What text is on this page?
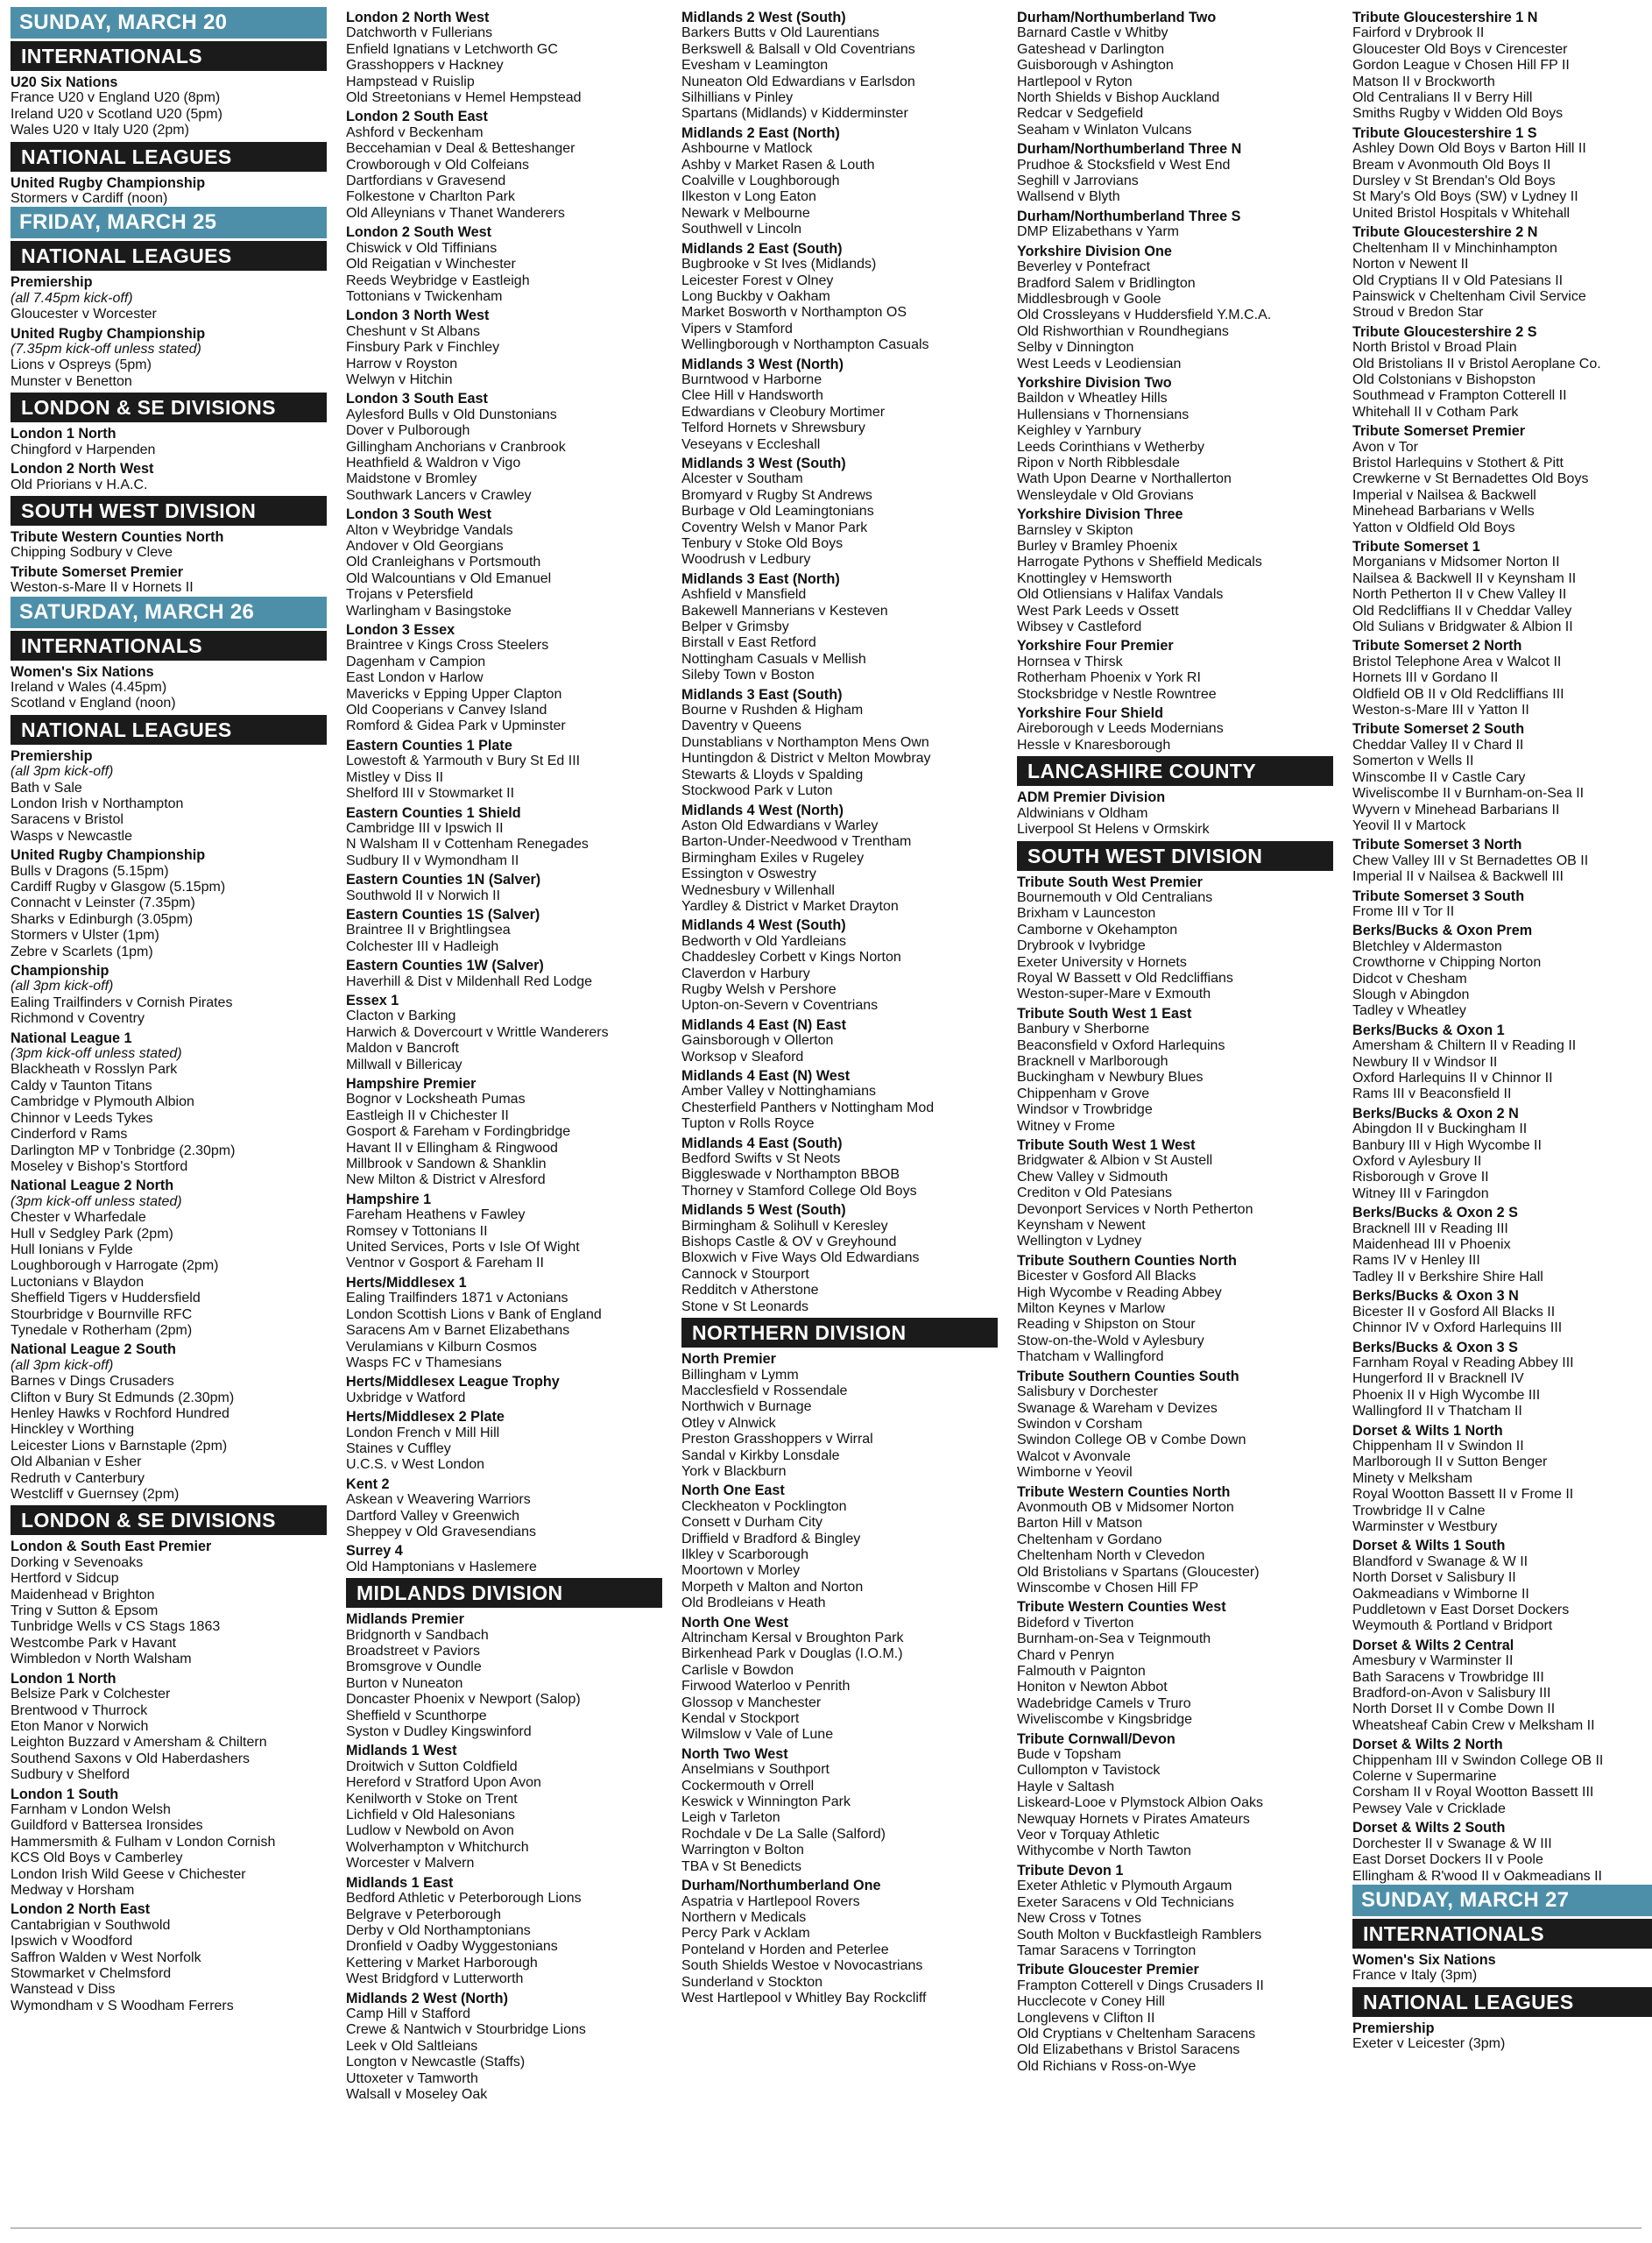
SUNDAY, MARCH 20
INTERNATIONALS
U20 Six Nations
France U20 v England U20 (8pm)
Ireland U20 v Scotland U20 (5pm)
Wales U20 v Italy U20 (2pm)
NATIONAL LEAGUES
United Rugby Championship
Stormers v Cardiff (noon)
FRIDAY, MARCH 25
NATIONAL LEAGUES
Premiership
(all 7.45pm kick-off)
Gloucester v Worcester
United Rugby Championship
(7.35pm kick-off unless stated)
Lions v Ospreys (5pm)
Munster v Benetton
LONDON & SE DIVISIONS
London 1 North
Chingford v Harpenden
London 2 North West
Old Priorians v H.A.C.
SOUTH WEST DIVISION
Tribute Western Counties North
Chipping Sodbury v Cleve
Tribute Somerset Premier
Weston-s-Mare II v Hornets II
SATURDAY, MARCH 26
INTERNATIONALS
Women's Six Nations
Ireland v Wales (4.45pm)
Scotland v England (noon)
NATIONAL LEAGUES
Premiership
(all 3pm kick-off)
Bath v Sale
London Irish v Northampton
Saracens v Bristol
Wasps v Newcastle
United Rugby Championship
Bulls v Dragons (5.15pm)
Cardiff Rugby v Glasgow (5.15pm)
Connacht v Leinster (7.35pm)
Sharks v Edinburgh (3.05pm)
Stormers v Ulster (1pm)
Zebre v Scarlets (1pm)
Championship
(all 3pm kick-off)
Ealing Trailfinders v Cornish Pirates
Richmond v Coventry
National League 1
(3pm kick-off unless stated)
Blackheath v Rosslyn Park
Caldy v Taunton Titans
Cambridge v Plymouth Albion
Chinnor v Leeds Tykes
Cinderford v Rams
Darlington MP v Tonbridge (2.30pm)
Moseley v Bishop's Stortford
National League 2 North
(3pm kick-off unless stated)
Chester v Wharfedale
Hull v Sedgley Park (2pm)
Hull Ionians v Fylde
Loughborough v Harrogate (2pm)
Luctonians v Blaydon
Sheffield Tigers v Huddersfield
Stourbridge v Bournville RFC
Tynedale v Rotherham (2pm)
National League 2 South
(all 3pm kick-off)
Barnes v Dings Crusaders
Clifton v Bury St Edmunds (2.30pm)
Henley Hawks v Rochford Hundred
Hinckley v Worthing
Leicester Lions v Barnstaple (2pm)
Old Albanian v Esher
Redruth v Canterbury
Westcliff v Guernsey (2pm)
LONDON & SE DIVISIONS
London & South East Premier
Dorking v Sevenoaks
Hertford v Sidcup
Maidenhead v Brighton
Tring v Sutton & Epsom
Tunbridge Wells v CS Stags 1863
Westcombe Park v Havant
Wimbledon v North Walsham
London 1 North
Belsize Park v Colchester
Brentwood v Thurrock
Eton Manor v Norwich
Leighton Buzzard v Amersham & Chiltern
Southend Saxons v Old Haberdashers
Sudbury v Shelford
London 1 South
Farnham v London Welsh
Guildford v Battersea Ironsides
Hammersmith & Fulham v London Cornish
KCS Old Boys v Camberley
London Irish Wild Geese v Chichester
Medway v Horsham
London 2 North East
Cantabrigian v Southwold
Ipswich v Woodford
Saffron Walden v West Norfolk
Stowmarket v Chelmsford
Wanstead v Diss
Wymondham v S Woodham Ferrers
London 2 North West
Datchworth v Fullerians
Enfield Ignatians v Letchworth GC
Grasshoppers v Hackney
Hampstead v Ruislip
Old Streetonians v Hemel Hempstead
London 2 South East
Ashford v Beckenham
Beccehamian v Deal & Betteshanger
Crowborough v Old Colfeians
Dartfordians v Gravesend
Folkestone v Charlton Park
Old Alleynians v Thanet Wanderers
London 2 South West
Chiswick v Old Tiffinians
Old Reigatian v Winchester
Reeds Weybridge v Eastleigh
Tottonians v Twickenham
London 3 North West
Cheshunt v St Albans
Finsbury Park v Finchley
Harrow v Royston
Welwyn v Hitchin
London 3 South East
Aylesford Bulls v Old Dunstonians
Dover v Pulborough
Gillingham Anchorians v Cranbrook
Heathfield & Waldron v Vigo
Maidstone v Bromley
Southwark Lancers v Crawley
London 3 South West
Alton v Weybridge Vandals
Andover v Old Georgians
Old Cranleighans v Portsmouth
Old Walcountians v Old Emanuel
Trojans v Petersfield
Warlingham v Basingstoke
London 3 Essex
Braintree v Kings Cross Steelers
Dagenham v Campion
East London v Harlow
Mavericks v Epping Upper Clapton
Old Cooperians v Canvey Island
Romford & Gidea Park v Upminster
Eastern Counties 1 Plate
Lowestoft & Yarmouth v Bury St Ed III
Mistley v Diss II
Shelford III v Stowmarket II
Eastern Counties 1 Shield
Cambridge III v Ipswich II
N Walsham II v Cottenham Renegades
Sudbury II v Wymondham II
Eastern Counties 1N (Salver)
Southwold II v Norwich II
Eastern Counties 1S (Salver)
Braintree II v Brightlingsea
Colchester III v Hadleigh
Eastern Counties 1W (Salver)
Haverhill & Dist v Mildenhall Red Lodge
Essex 1
Clacton v Barking
Harwich & Dovercourt v Writtle Wanderers
Maldon v Bancroft
Millwall v Billericay
Hampshire Premier
Bognor v Locksheath Pumas
Eastleigh II v Chichester II
Gosport & Fareham v Fordingbridge
Havant II v Ellingham & Ringwood
Millbrook v Sandown & Shanklin
New Milton & District v Alresford
Hampshire 1
Fareham Heathens v Fawley
Romsey v Tottonians II
United Services, Ports v Isle Of Wight
Ventnor v Gosport & Fareham II
Herts/Middlesex 1
Ealing Trailfinders 1871 v Actonians
London Scottish Lions v Bank of England
Saracens Am v Barnet Elizabethans
Verulamians v Kilburn Cosmos
Wasps FC v Thamesians
Herts/Middlesex League Trophy
Uxbridge v Watford
Herts/Middlesex 2 Plate
London French v Mill Hill
Staines v Cuffley
U.C.S. v West London
Kent 2
Askean v Weavering Warriors
Dartford Valley v Greenwich
Sheppey v Old Gravesendians
Surrey 4
Old Hamptonians v Haslemere
MIDLANDS DIVISION
Midlands Premier
Bridgnorth v Sandbach
Broadstreet v Paviors
Bromsgrove v Oundle
Burton v Nuneaton
Doncaster Phoenix v Newport (Salop)
Sheffield v Scunthorpe
Syston v Dudley Kingswinford
Midlands 1 West
Droitwich v Sutton Coldfield
Hereford v Stratford Upon Avon
Kenilworth v Stoke on Trent
Lichfield v Old Halesonians
Ludlow v Newbold on Avon
Wolverhampton v Whitchurch
Worcester v Malvern
Midlands 1 East
Bedford Athletic v Peterborough Lions
Belgrave v Peterborough
Derby v Old Northamptonians
Dronfield v Oadby Wyggestonians
Kettering v Market Harborough
West Bridgford v Lutterworth
Midlands 2 West (North)
Camp Hill v Stafford
Crewe & Nantwich v Stourbridge Lions
Leek v Old Saltleians
Longton v Newcastle (Staffs)
Uttoxeter v Tamworth
Walsall v Moseley Oak
Midlands 2 West (South)
Barkers Butts v Old Laurentians
Berkswell & Balsall v Old Coventrians
Evesham v Leamington
Nuneaton Old Edwardians v Earlsdon
Silhillians v Pinley
Spartans (Midlands) v Kidderminster
Midlands 2 East (North)
Ashbourne v Matlock
Ashby v Market Rasen & Louth
Coalville v Loughborough
Ilkeston v Long Eaton
Newark v Melbourne
Southwell v Lincoln
Midlands 2 East (South)
Bugbrooke v St Ives (Midlands)
Leicester Forest v Olney
Long Buckby v Oakham
Market Bosworth v Northampton OS
Vipers v Stamford
Wellingborough v Northampton Casuals
Midlands 3 West (North)
Burntwood v Harborne
Clee Hill v Handsworth
Edwardians v Cleobury Mortimer
Telford Hornets v Shrewsbury
Veseyans v Eccleshall
Midlands 3 West (South)
Alcester v Southam
Bromyard v Rugby St Andrews
Burbage v Old Leamingtonians
Coventry Welsh v Manor Park
Tenbury v Stoke Old Boys
Woodrush v Ledbury
Midlands 3 East (North)
Ashfield v Mansfield
Bakewell Mannerians v Kesteven
Belper v Grimsby
Birstall v East Retford
Nottingham Casuals v Mellish
Sileby Town v Boston
Midlands 3 East (South)
Bourne v Rushden & Higham
Daventry v Queens
Dunstablians v Northampton Mens Own
Huntingdon & District v Melton Mowbray
Stewarts & Lloyds v Spalding
Stockwood Park v Luton
Midlands 4 West (North)
Aston Old Edwardians v Warley
Barton-Under-Needwood v Trentham
Birmingham Exiles v Rugeley
Essington v Oswestry
Wednesbury v Willenhall
Yardley & District v Market Drayton
Midlands 4 West (South)
Bedworth v Old Yardleians
Chaddesley Corbett v Kings Norton
Claverdon v Harbury
Rugby Welsh v Pershore
Upton-on-Severn v Coventrians
Midlands 4 East (N) East
Gainsborough v Ollerton
Worksop v Sleaford
Midlands 4 East (N) West
Amber Valley v Nottinghamians
Chesterfield Panthers v Nottingham Mod
Tupton v Rolls Royce
Midlands 4 East (South)
Bedford Swifts v St Neots
Biggleswade v Northampton BBOB
Thorney v Stamford College Old Boys
Midlands 5 West (South)
Birmingham & Solihull v Keresley
Bishops Castle & OV v Greyhound
Bloxwich v Five Ways Old Edwardians
Cannock v Stourport
Redditch v Atherstone
Stone v St Leonards
NORTHERN DIVISION
North Premier
Billingham v Lymm
Macclesfield v Rossendale
Northwich v Burnage
Otley v Alnwick
Preston Grasshoppers v Wirral
Sandal v Kirkby Lonsdale
York v Blackburn
North One East
Cleckheaton v Pocklington
Consett v Durham City
Driffield v Bradford & Bingley
Ilkley v Scarborough
Moortown v Morley
Morpeth v Malton and Norton
Old Brodleians v Heath
North One West
Altrincham Kersal v Broughton Park
Birkenhead Park v Douglas (I.O.M.)
Carlisle v Bowdon
Firwood Waterloo v Penrith
Glossop v Manchester
Kendal v Stockport
Wilmslow v Vale of Lune
North Two West
Anselmians v Southport
Cockermouth v Orrell
Keswick v Winnington Park
Leigh v Tarleton
Rochdale v De La Salle (Salford)
Warrington v Bolton
TBA v St Benedicts
Durham/Northumberland One
Aspatria v Hartlepool Rovers
Northern v Medicals
Percy Park v Acklam
Ponteland v Horden and Peterlee
South Shields Westoe v Novocastrians
Sunderland v Stockton
West Hartlepool v Whitley Bay Rockcliff
Durham/Northumberland Two
Barnard Castle v Whitby
Gateshead v Darlington
Guisborough v Ashington
Hartlepool v Ryton
North Shields v Bishop Auckland
Redcar v Sedgefield
Seaham v Winlaton Vulcans
Durham/Northumberland Three N
Prudhoe & Stocksfield v West End
Seghill v Jarrovians
Wallsend v Blyth
Durham/Northumberland Three S
DMP Elizabethans v Yarm
Yorkshire Division One
Beverley v Pontefract
Bradford Salem v Bridlington
Middlesbrough v Goole
Old Crossleyans v Huddersfield Y.M.C.A.
Old Rishworthian v Roundhegians
Selby v Dinnington
West Leeds v Leodiensian
Yorkshire Division Two
Baildon v Wheatley Hills
Hullensians v Thornensians
Keighley v Yarnbury
Leeds Corinthians v Wetherby
Ripon v North Ribblesdale
Wath Upon Dearne v Northallerton
Wensleydale v Old Grovians
Yorkshire Division Three
Barnsley v Skipton
Burley v Bramley Phoenix
Harrogate Pythons v Sheffield Medicals
Knottingley v Hemsworth
Old Otliensians v Halifax Vandals
West Park Leeds v Ossett
Wibsey v Castleford
Yorkshire Four Premier
Hornsea v Thirsk
Rotherham Phoenix v York RI
Stocksbridge v Nestle Rowntree
Yorkshire Four Shield
Aireborough v Leeds Modernians
Hessle v Knaresborough
LANCASHIRE COUNTY
ADM Premier Division
Aldwinians v Oldham
Liverpool St Helens v Ormskirk
SOUTH WEST DIVISION
Tribute South West Premier
Bournemouth v Old Centralians
Brixham v Launceston
Camborne v Okehampton
Drybrook v Ivybridge
Exeter University v Hornets
Royal W Bassett v Old Redcliffians
Weston-super-Mare v Exmouth
Tribute South West 1 East
Banbury v Sherborne
Beaconsfield v Oxford Harlequins
Bracknell v Marlborough
Buckingham v Newbury Blues
Chippenham v Grove
Windsor v Trowbridge
Witney v Frome
Tribute South West 1 West
Bridgwater & Albion v St Austell
Chew Valley v Sidmouth
Crediton v Old Patesians
Devonport Services v North Petherton
Keynsham v Newent
Wellington v Lydney
Tribute Southern Counties North
Bicester v Gosford All Blacks
High Wycombe v Reading Abbey
Milton Keynes v Marlow
Reading v Shipston on Stour
Stow-on-the-Wold v Aylesbury
Thatcham v Wallingford
Tribute Southern Counties South
Salisbury v Dorchester
Swanage & Wareham v Devizes
Swindon v Corsham
Swindon College OB v Combe Down
Walcot v Avonvale
Wimborne v Yeovil
Tribute Western Counties North
Avonmouth OB v Midsomer Norton
Barton Hill v Matson
Cheltenham v Gordano
Cheltenham North v Clevedon
Old Bristolians v Spartans (Gloucester)
Winscombe v Chosen Hill FP
Tribute Western Counties West
Bideford v Tiverton
Burnham-on-Sea v Teignmouth
Chard v Penryn
Falmouth v Paignton
Honiton v Newton Abbot
Wadebridge Camels v Truro
Wiveliscombe v Kingsbridge
Tribute Cornwall/Devon
Bude v Topsham
Cullompton v Tavistock
Hayle v Saltash
Liskeard-Looe v Plymstock Albion Oaks
Newquay Hornets v Pirates Amateurs
Veor v Torquay Athletic
Withycombe v North Tawton
Tribute Devon 1
Exeter Athletic v Plymouth Argaum
Exeter Saracens v Old Technicians
New Cross v Totnes
South Molton v Buckfastleigh Ramblers
Tamar Saracens v Torrington
Tribute Gloucester Premier
Frampton Cotterell v Dings Crusaders II
Hucclecote v Coney Hill
Longlevens v Clifton II
Old Cryptians v Cheltenham Saracens
Old Elizabethans v Bristol Saracens
Old Richians v Ross-on-Wye
Tribute Gloucestershire 1 N
Fairford v Drybrook II
Gloucester Old Boys v Cirencester
Gordon League v Chosen Hill FP II
Matson II v Brockworth
Old Centralians II v Berry Hill
Smiths Rugby v Widden Old Boys
Tribute Gloucestershire 1 S
Ashley Down Old Boys v Barton Hill II
Bream v Avonmouth Old Boys II
Dursley v St Brendan's Old Boys
St Mary's Old Boys (SW) v Lydney II
United Bristol Hospitals v Whitehall
Tribute Gloucestershire 2 N
Cheltenham II v Minchinhampton
Norton v Newent II
Old Cryptians II v Old Patesians II
Painswick v Cheltenham Civil Service
Stroud v Bredon Star
Tribute Gloucestershire 2 S
North Bristol v Broad Plain
Old Bristolians II v Bristol Aeroplane Co.
Old Colstonians v Bishopston
Southmead v Frampton Cotterell II
Whitehall II v Cotham Park
Tribute Somerset Premier
Avon v Tor
Bristol Harlequins v Stothert & Pitt
Crewkerne v St Bernadettes Old Boys
Imperial v Nailsea & Backwell
Minehead Barbarians v Wells
Yatton v Oldfield Old Boys
Tribute Somerset 1
Morganians v Midsomer Norton II
Nailsea & Backwell II v Keynsham II
North Petherton II v Chew Valley II
Old Redcliffians II v Cheddar Valley
Old Sulians v Bridgwater & Albion II
Tribute Somerset 2 North
Bristol Telephone Area v Walcot II
Hornets III v Gordano II
Oldfield OB II v Old Redcliffians III
Weston-s-Mare III v Yatton II
Tribute Somerset 2 South
Cheddar Valley II v Chard II
Somerton v Wells II
Winscombe II v Castle Cary
Wiveliscombe II v Burnham-on-Sea II
Wyvern v Minehead Barbarians II
Yeovil II v Martock
Tribute Somerset 3 North
Chew Valley III v St Bernadettes OB II
Imperial II v Nailsea & Backwell III
Tribute Somerset 3 South
Frome III v Tor II
Berks/Bucks & Oxon Prem
Bletchley v Aldermaston
Crowthorne v Chipping Norton
Didcot v Chesham
Slough v Abingdon
Tadley v Wheatley
Berks/Bucks & Oxon 1
Amersham & Chiltern II v Reading II
Newbury II v Windsor II
Oxford Harlequins II v Chinnor II
Rams III v Beaconsfield II
Berks/Bucks & Oxon 2 N
Abingdon II v Buckingham II
Banbury III v High Wycombe II
Oxford v Aylesbury II
Risborough v Grove II
Witney III v Faringdon
Berks/Bucks & Oxon 2 S
Bracknell III v Reading III
Maidenhead III v Phoenix
Rams IV v Henley III
Tadley II v Berkshire Shire Hall
Berks/Bucks & Oxon 3 N
Bicester II v Gosford All Blacks II
Chinnor IV v Oxford Harlequins III
Berks/Bucks & Oxon 3 S
Farnham Royal v Reading Abbey III
Hungerford II v Bracknell IV
Phoenix II v High Wycombe III
Wallingford II v Thatcham II
Dorset & Wilts 1 North
Chippenham II v Swindon II
Marlborough II v Sutton Benger
Minety v Melksham
Royal Wootton Bassett II v Frome II
Trowbridge II v Calne
Warminster v Westbury
Dorset & Wilts 1 South
Blandford v Swanage & W II
North Dorset v Salisbury II
Oakmeadians v Wimborne II
Puddletown v East Dorset Dockers
Weymouth & Portland v Bridport
Dorset & Wilts 2 Central
Amesbury v Warminster II
Bath Saracens v Trowbridge III
Bradford-on-Avon v Salisbury III
North Dorset II v Combe Down II
Wheatsheaf Cabin Crew v Melksham II
Dorset & Wilts 2 North
Chippenham III v Swindon College OB II
Colerne v Supermarine
Corsham II v Royal Wootton Bassett III
Pewsey Vale v Cricklade
Dorset & Wilts 2 South
Dorchester II v Swanage & W III
East Dorset Dockers II v Poole
Ellingham & R'wood II v Oakmeadians II
SUNDAY, MARCH 27
INTERNATIONALS
Women's Six Nations
France v Italy (3pm)
NATIONAL LEAGUES
Premiership
Exeter v Leicester (3pm)
